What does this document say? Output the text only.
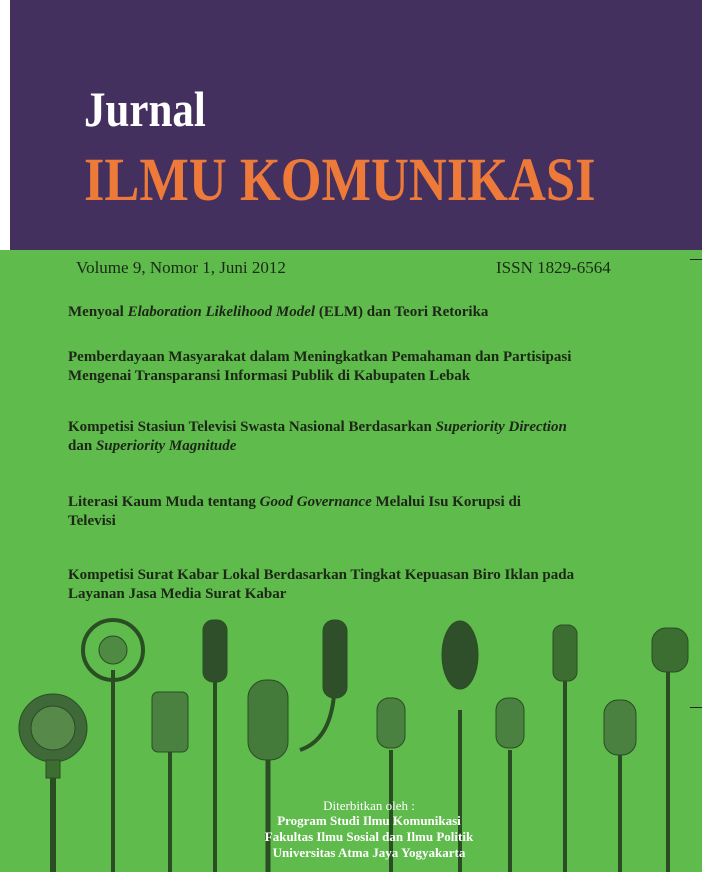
Jurnal
ILMU KOMUNIKASI
Volume 9, Nomor 1, Juni 2012	ISSN 1829-6564
Menyoal Elaboration Likelihood Model (ELM) dan Teori Retorika
Pemberdayaan Masyarakat dalam Meningkatkan Pemahaman dan Partisipasi Mengenai Transparansi Informasi Publik di Kabupaten Lebak
Kompetisi Stasiun Televisi Swasta Nasional Berdasarkan Superiority Direction dan Superiority Magnitude
Literasi Kaum Muda tentang Good Governance Melalui Isu Korupsi di Televisi
Kompetisi Surat Kabar Lokal Berdasarkan Tingkat Kepuasan Biro Iklan pada Layanan Jasa Media Surat Kabar
Diterbitkan oleh :
Program Studi Ilmu Komunikasi
Fakultas Ilmu Sosial dan Ilmu Politik
Universitas Atma Jaya Yogyakarta
